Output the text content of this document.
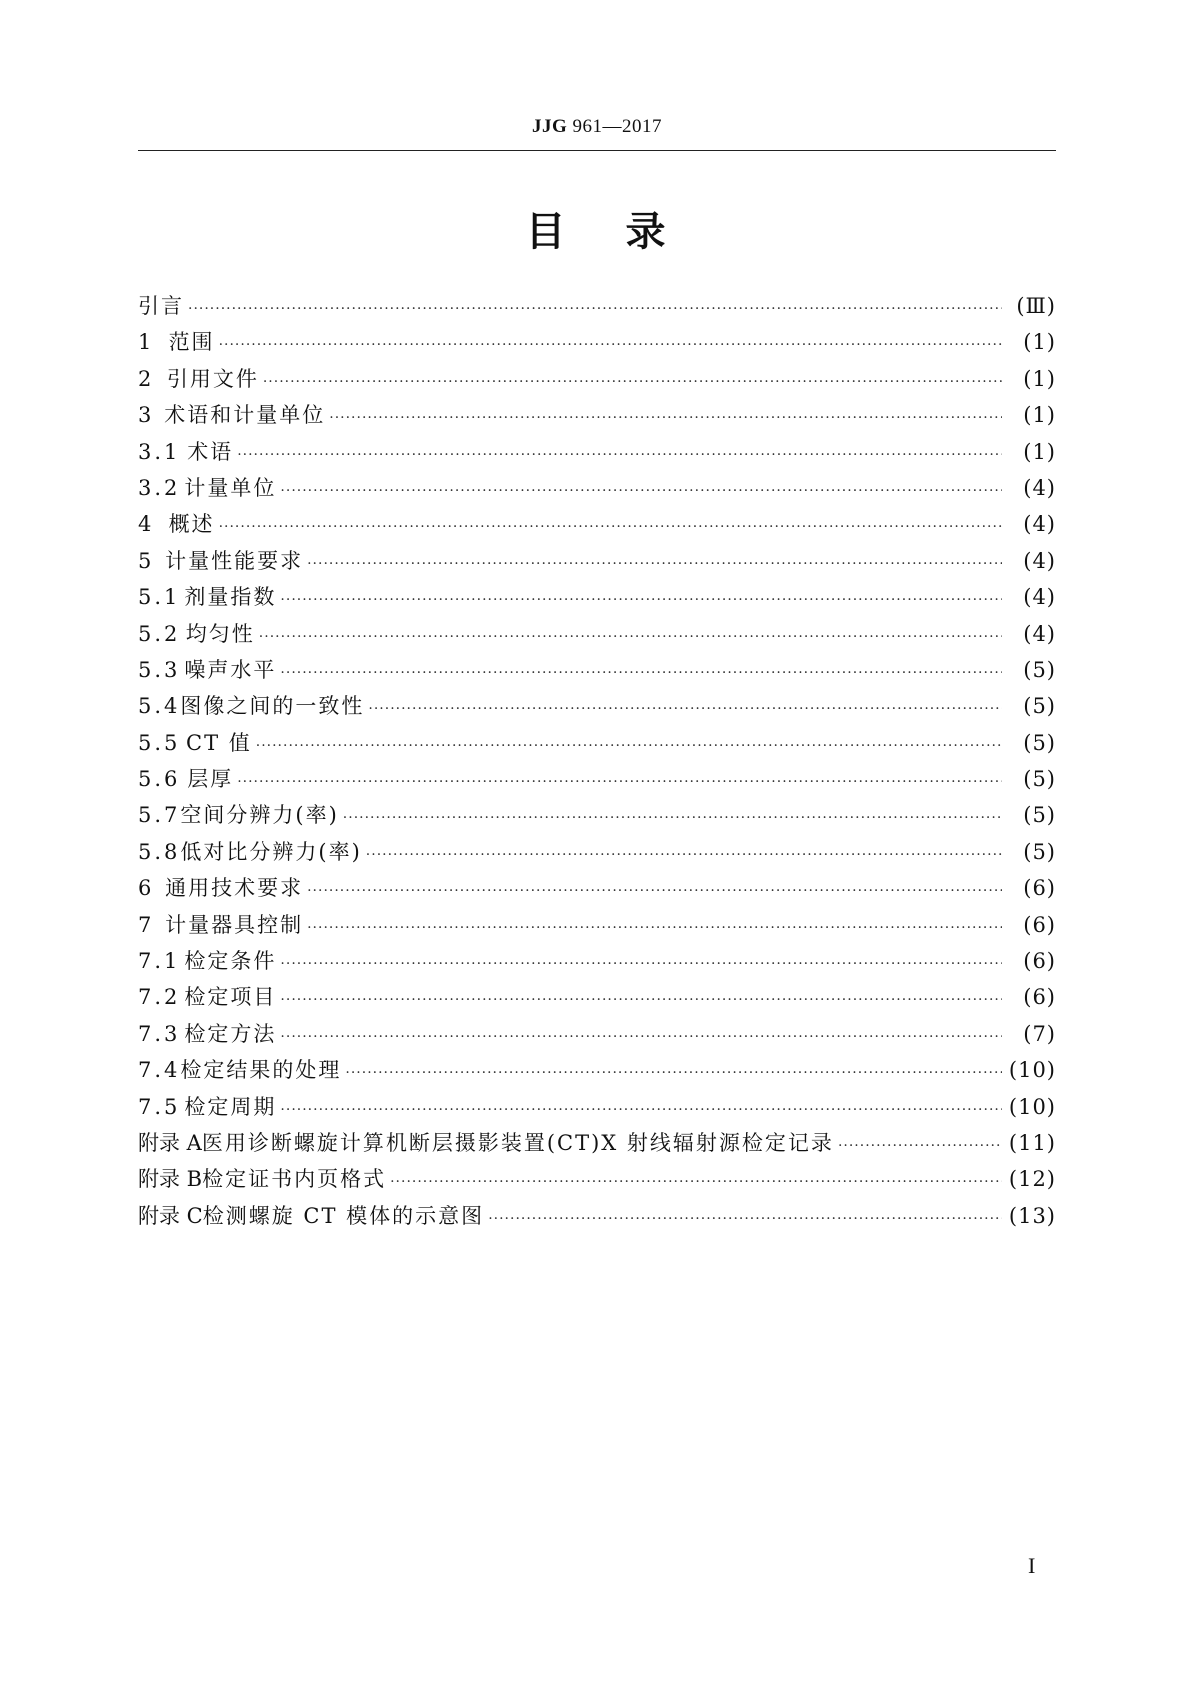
JJG 961—2017
目 录
引言 ·····	(Ⅲ)
1 范围 ·····	(1)
2 引用文件 ·····	(1)
3 术语和计量单位 ·····	(1)
3.1 术语 ·····	(1)
3.2 计量单位 ·····	(4)
4 概述 ·····	(4)
5 计量性能要求 ·····	(4)
5.1 剂量指数 ·····	(4)
5.2 均匀性 ·····	(4)
5.3 噪声水平 ·····	(5)
5.4 图像之间的一致性 ·····	(5)
5.5 CT 值 ·····	(5)
5.6 层厚 ·····	(5)
5.7 空间分辨力(率) ·····	(5)
5.8 低对比分辨力(率) ·····	(5)
6 通用技术要求 ·····	(6)
7 计量器具控制 ·····	(6)
7.1 检定条件 ·····	(6)
7.2 检定项目 ·····	(6)
7.3 检定方法 ·····	(7)
7.4 检定结果的处理 ·····	(10)
7.5 检定周期 ·····	(10)
附录 A 医用诊断螺旋计算机断层摄影装置(CT)X 射线辐射源检定记录 ·····	(11)
附录 B 检定证书内页格式 ·····	(12)
附录 C 检测螺旋 CT 模体的示意图 ·····	(13)
I
